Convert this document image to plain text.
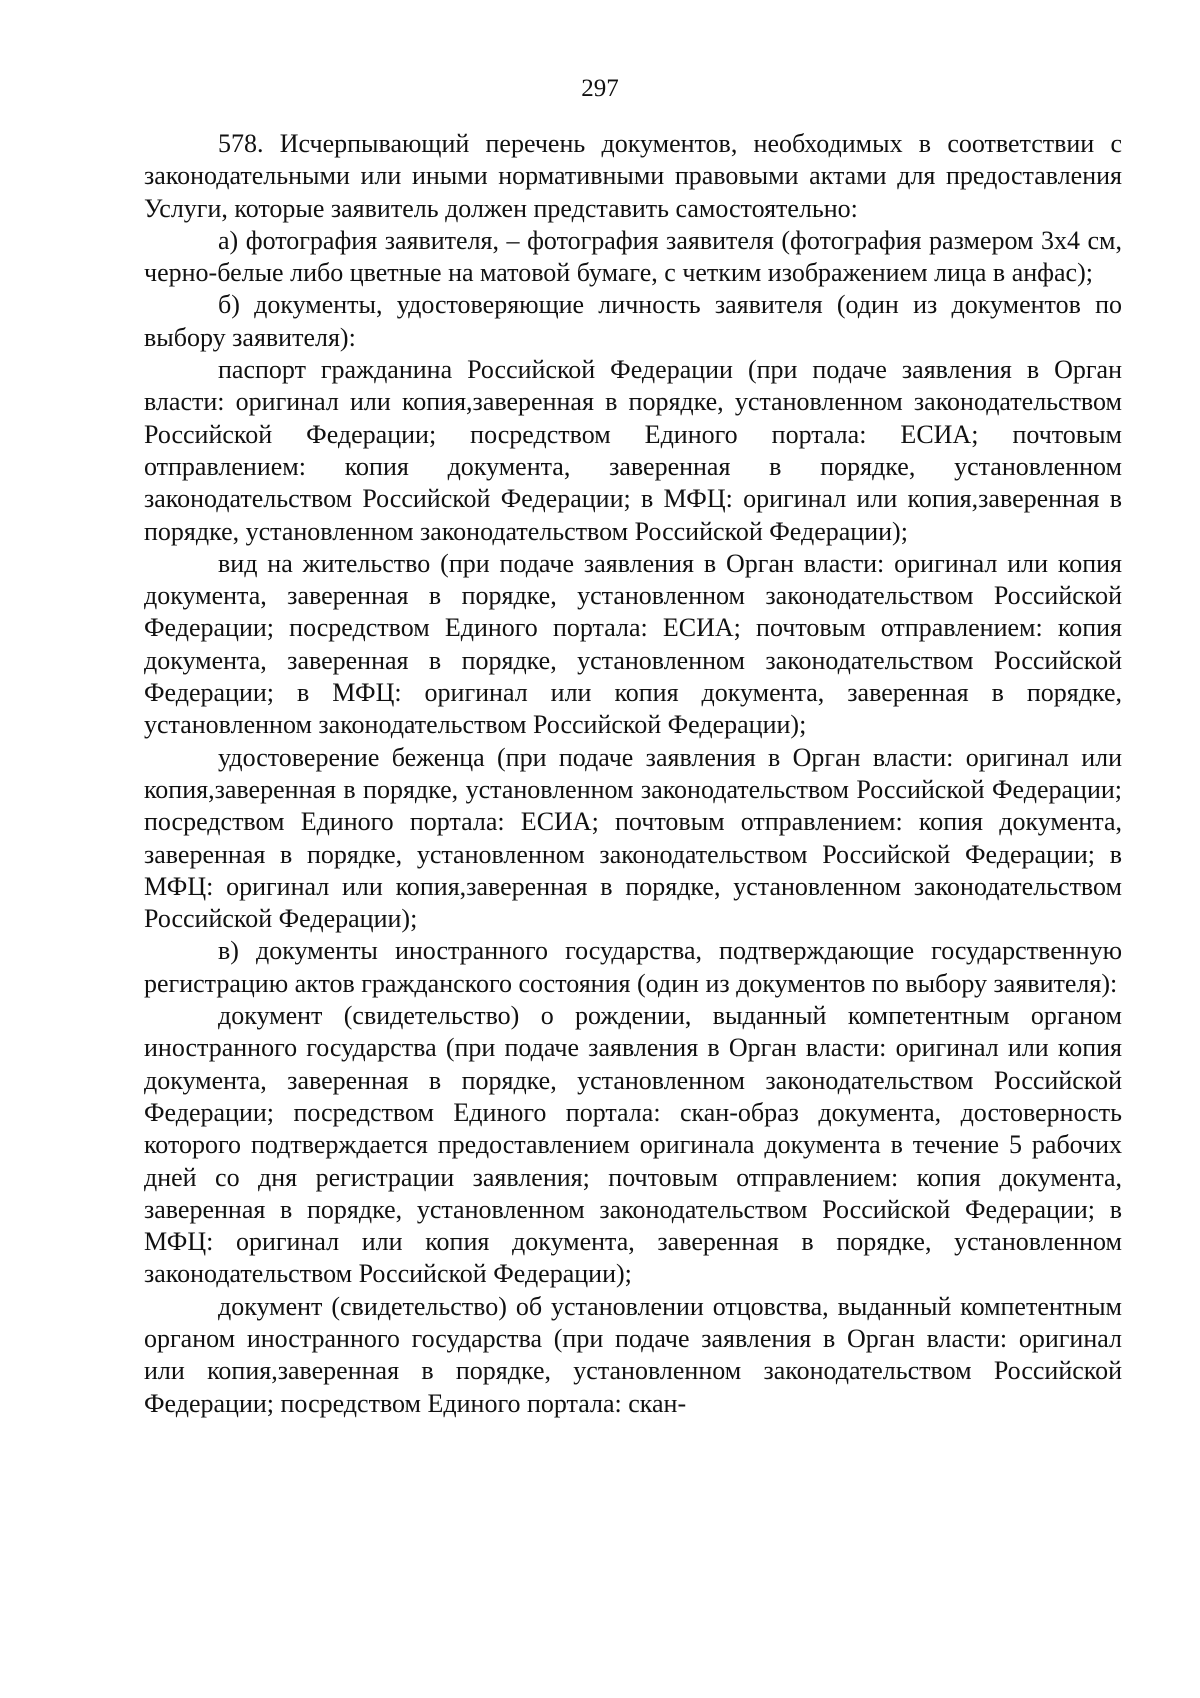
297

578. Исчерпывающий перечень документов, необходимых в соответствии с законодательными или иными нормативными правовыми актами для предоставления Услуги, которые заявитель должен представить самостоятельно:

а) фотография заявителя, – фотография заявителя (фотография размером 3х4 см, черно-белые либо цветные на матовой бумаге, с четким изображением лица в анфас);

б) документы, удостоверяющие личность заявителя (один из документов по выбору заявителя):

паспорт гражданина Российской Федерации (при подаче заявления в Орган власти: оригинал или копия,заверенная в порядке, установленном законодательством Российской Федерации; посредством Единого портала: ЕСИА; почтовым отправлением: копия документа, заверенная в порядке, установленном законодательством Российской Федерации; в МФЦ: оригинал или копия,заверенная в порядке, установленном законодательством Российской Федерации);

вид на жительство (при подаче заявления в Орган власти: оригинал или копия документа, заверенная в порядке, установленном законодательством Российской Федерации; посредством Единого портала: ЕСИА; почтовым отправлением: копия документа, заверенная в порядке, установленном законодательством Российской Федерации; в МФЦ: оригинал или копия документа, заверенная в порядке, установленном законодательством Российской Федерации);

удостоверение беженца (при подаче заявления в Орган власти: оригинал или копия,заверенная в порядке, установленном законодательством Российской Федерации; посредством Единого портала: ЕСИА; почтовым отправлением: копия документа, заверенная в порядке, установленном законодательством Российской Федерации; в МФЦ: оригинал или копия,заверенная в порядке, установленном законодательством Российской Федерации);

в) документы иностранного государства, подтверждающие государственную регистрацию актов гражданского состояния (один из документов по выбору заявителя):

документ (свидетельство) о рождении, выданный компетентным органом иностранного государства (при подаче заявления в Орган власти: оригинал или копия документа, заверенная в порядке, установленном законодательством Российской Федерации; посредством Единого портала: скан-образ документа, достоверность которого подтверждается предоставлением оригинала документа в течение 5 рабочих дней со дня регистрации заявления; почтовым отправлением: копия документа, заверенная в порядке, установленном законодательством Российской Федерации; в МФЦ: оригинал или копия документа, заверенная в порядке, установленном законодательством Российской Федерации);

документ (свидетельство) об установлении отцовства, выданный компетентным органом иностранного государства (при подаче заявления в Орган власти: оригинал или копия,заверенная в порядке, установленном законодательством Российской Федерации; посредством Единого портала: скан-
